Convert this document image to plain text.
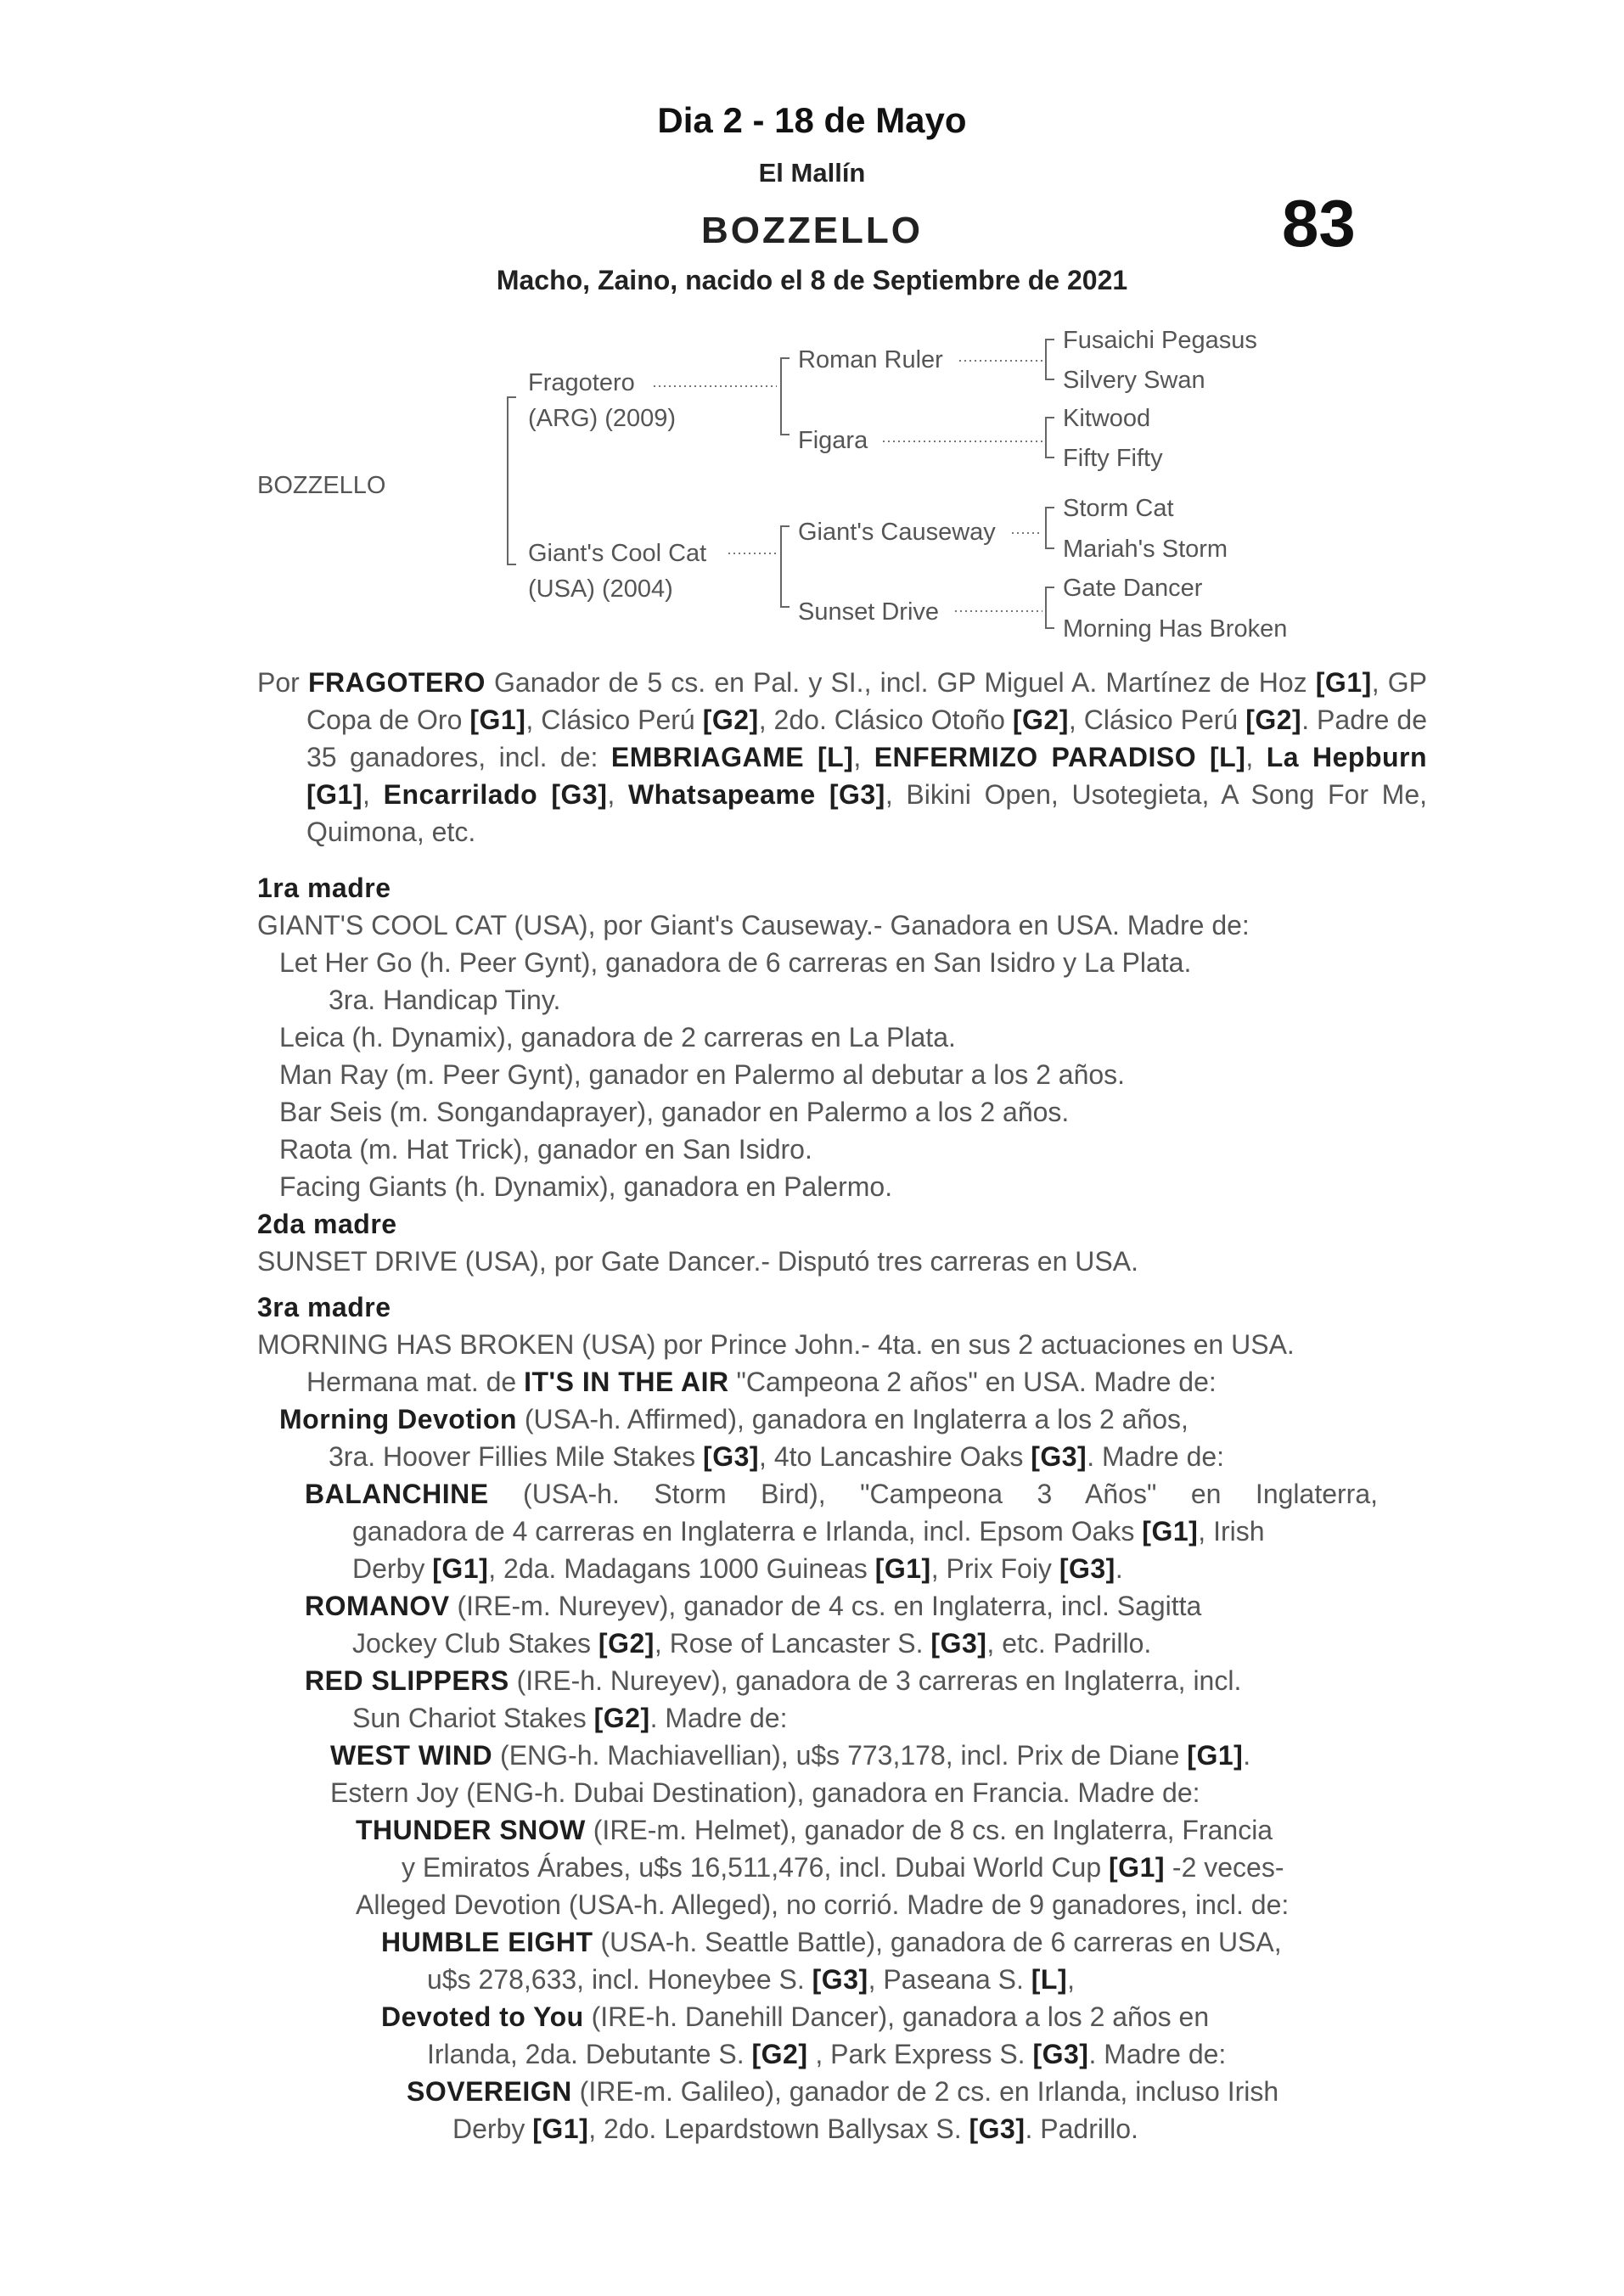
Dia 2 - 18 de Mayo
El Mallín
BOZZELLO	83
Macho, Zaino, nacido el 8 de Septiembre de 2021
BOZZELLO
Fragotero
(ARG) (2009)
Giant's Cool Cat
(USA) (2004)
Roman Ruler
Figara
Giant's Causeway
Sunset Drive
Fusaichi Pegasus
Silvery Swan
Kitwood
Fifty Fifty
Storm Cat
Mariah's Storm
Gate Dancer
Morning Has Broken
Por FRAGOTERO Ganador de 5 cs. en Pal. y SI., incl. GP Miguel A. Martínez de Hoz [G1], GP Copa de Oro [G1], Clásico Perú [G2], 2do. Clásico Otoño [G2], Clásico Perú [G2]. Padre de 35 ganadores, incl. de: EMBRIAGAME [L], ENFERMIZO PARADISO [L], La Hepburn [G1], Encarrilado [G3], Whatsapeame [G3], Bikini Open, Usotegieta, A Song For Me, Quimona, etc.
1ra madre
GIANT'S COOL CAT (USA), por Giant's Causeway.- Ganadora en USA. Madre de:
Let Her Go (h. Peer Gynt), ganadora de 6 carreras en San Isidro y La Plata.
3ra. Handicap Tiny.
Leica (h. Dynamix), ganadora de 2 carreras en La Plata.
Man Ray (m. Peer Gynt), ganador en Palermo al debutar a los 2 años.
Bar Seis (m. Songandaprayer), ganador en Palermo a los 2 años.
Raota (m. Hat Trick), ganador en San Isidro.
Facing Giants (h. Dynamix), ganadora en Palermo.
2da madre
SUNSET DRIVE (USA), por Gate Dancer.- Disputó tres carreras en USA.
3ra madre
MORNING HAS BROKEN (USA) por Prince John.- 4ta. en sus 2 actuaciones en USA.
Hermana mat. de IT'S IN THE AIR "Campeona 2 años" en USA. Madre de:
Morning Devotion (USA-h. Affirmed), ganadora en Inglaterra a los 2 años,
3ra. Hoover Fillies Mile Stakes [G3], 4to Lancashire Oaks [G3]. Madre de:
BALANCHINE (USA-h. Storm Bird), "Campeona 3 Años" en Inglaterra,
ganadora de 4 carreras en Inglaterra e Irlanda, incl. Epsom Oaks [G1], Irish
Derby [G1], 2da. Madagans 1000 Guineas [G1], Prix Foiy [G3].
ROMANOV (IRE-m. Nureyev), ganador de 4 cs. en Inglaterra, incl. Sagitta
Jockey Club Stakes [G2], Rose of Lancaster S. [G3], etc. Padrillo.
RED SLIPPERS (IRE-h. Nureyev), ganadora de 3 carreras en Inglaterra, incl.
Sun Chariot Stakes [G2]. Madre de:
WEST WIND (ENG-h. Machiavellian), u$s 773,178, incl. Prix de Diane [G1].
Estern Joy (ENG-h. Dubai Destination), ganadora en Francia. Madre de:
THUNDER SNOW (IRE-m. Helmet), ganador de 8 cs. en Inglaterra, Francia
y Emiratos Árabes, u$s 16,511,476, incl. Dubai World Cup [G1] -2 veces-
Alleged Devotion (USA-h. Alleged), no corrió. Madre de 9 ganadores, incl. de:
HUMBLE EIGHT (USA-h. Seattle Battle), ganadora de 6 carreras en USA,
u$s 278,633, incl. Honeybee S. [G3], Paseana S. [L],
Devoted to You (IRE-h. Danehill Dancer), ganadora a los 2 años en
Irlanda, 2da. Debutante S. [G2] , Park Express S. [G3]. Madre de:
SOVEREIGN (IRE-m. Galileo), ganador de 2 cs. en Irlanda, incluso Irish
Derby [G1], 2do. Lepardstown Ballysax S. [G3]. Padrillo.
